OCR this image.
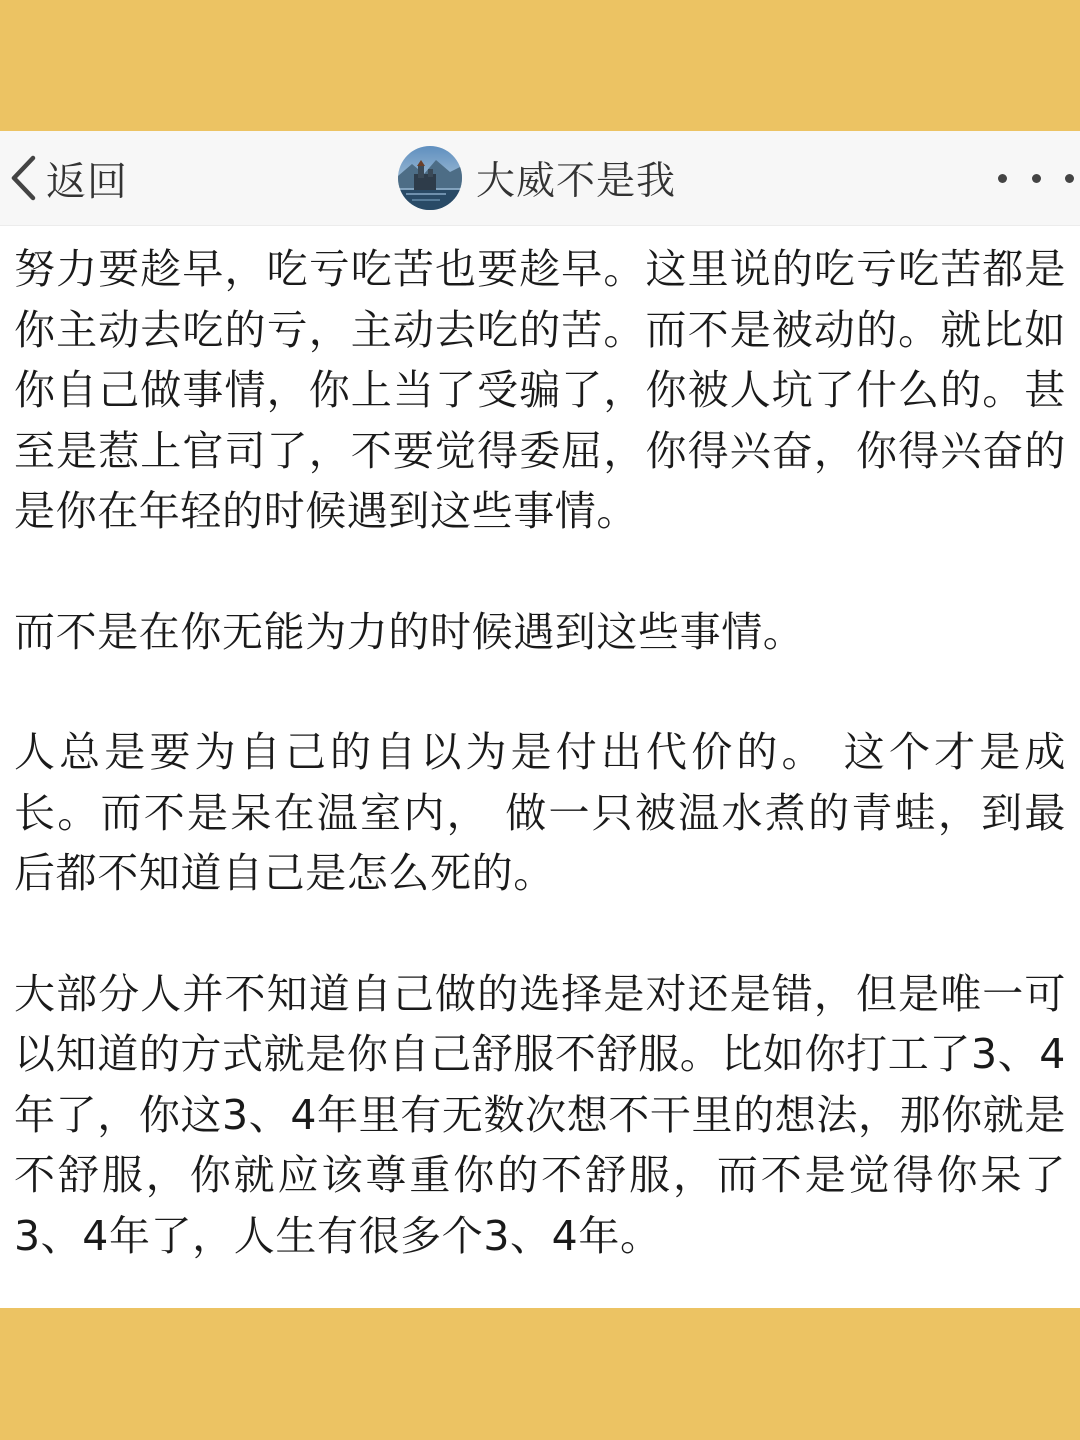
返回	大威不是我

努力要趁早，吃亏吃苦也要趁早。这里说的吃亏吃苦都是你主动去吃的亏，主动去吃的苦。而不是被动的。就比如你自己做事情，你上当了受骗了，你被人坑了什么的。甚至是惹上官司了，不要觉得委屈，你得兴奋，你得兴奋的是你在年轻的时候遇到这些事情。

而不是在你无能为力的时候遇到这些事情。

人总是要为自己的自以为是付出代价的。 这个才是成长。而不是呆在温室内， 做一只被温水煮的青蛙，到最后都不知道自己是怎么死的。

大部分人并不知道自己做的选择是对还是错，但是唯一可以知道的方式就是你自己舒服不舒服。比如你打工了3、4年了，你这3、4年里有无数次想不干里的想法，那你就是不舒服，你就应该尊重你的不舒服，而不是觉得你呆了3、4年了，人生有很多个3、4年。
